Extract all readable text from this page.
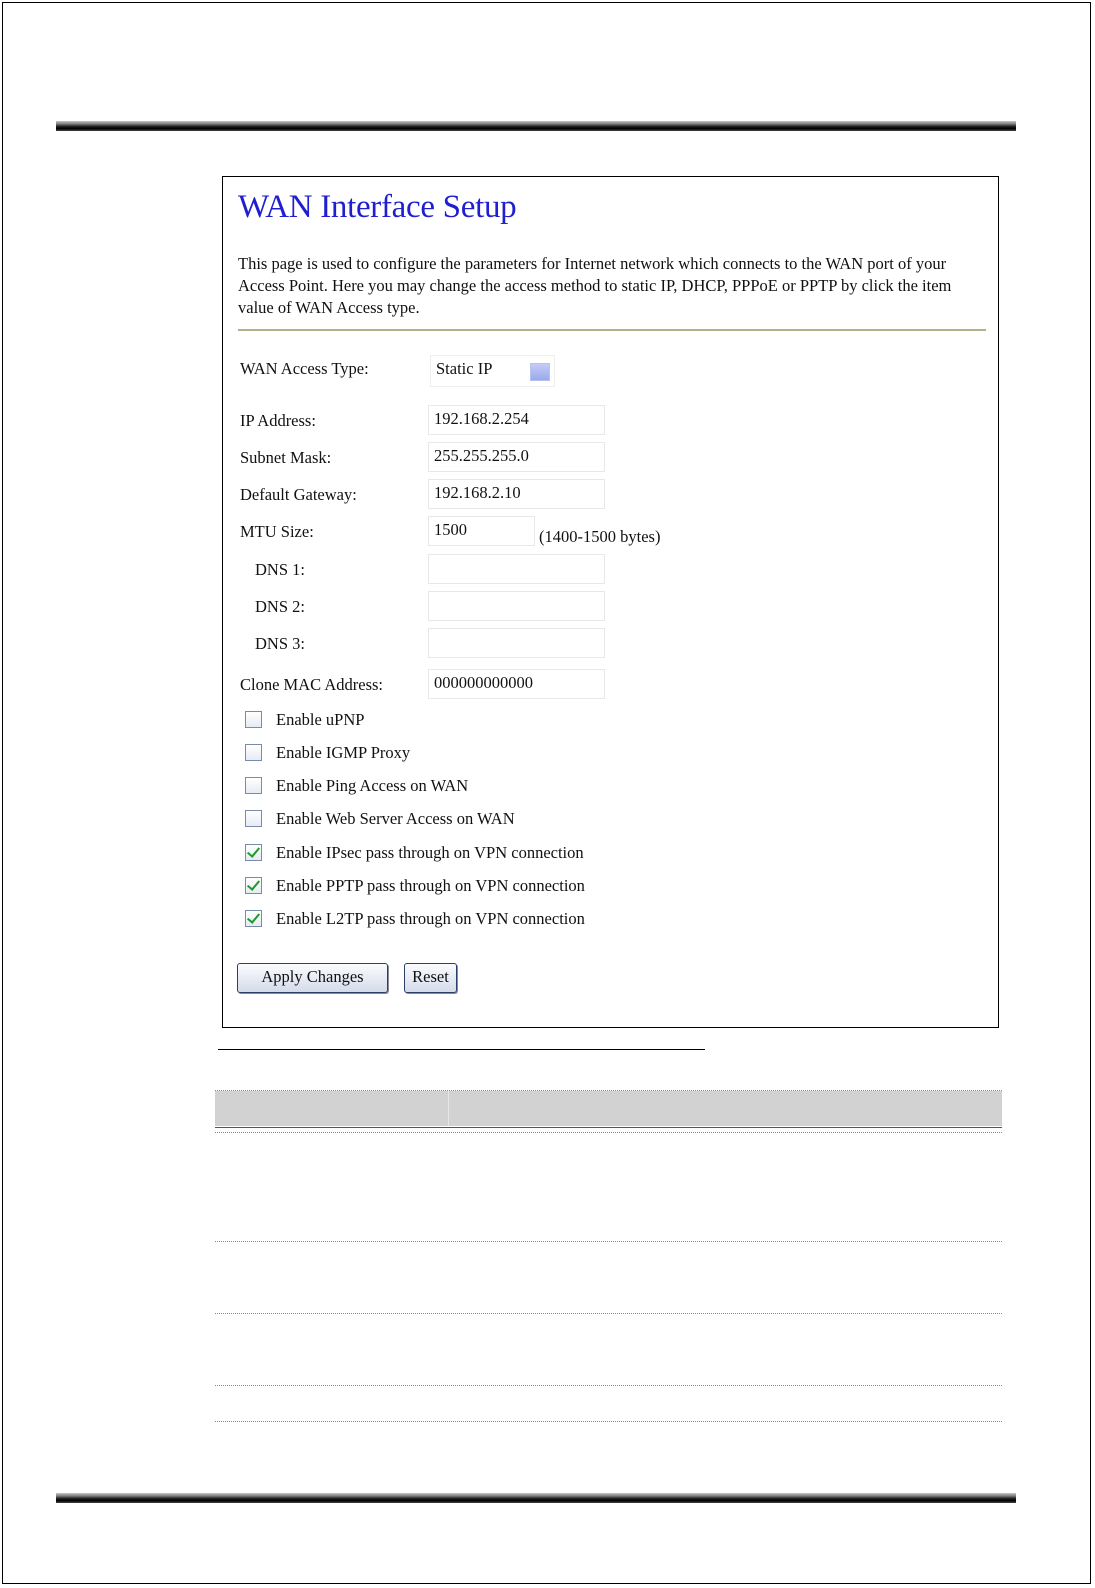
WAN Interface Setup

This page is used to configure the parameters for Internet network which connects to the WAN port of your Access Point. Here you may change the access method to static IP, DHCP, PPPoE or PPTP by click the item value of WAN Access type.

WAN Access Type:	Static IP
IP Address:	192.168.2.254
Subnet Mask:	255.255.255.0
Default Gateway:	192.168.2.10
MTU Size:	1500	(1400-1500 bytes)
DNS 1:
DNS 2:
DNS 3:
Clone MAC Address:	000000000000
Enable uPNP
Enable IGMP Proxy
Enable Ping Access on WAN
Enable Web Server Access on WAN
Enable IPsec pass through on VPN connection
Enable PPTP pass through on VPN connection
Enable L2TP pass through on VPN connection
Apply Changes	Reset
